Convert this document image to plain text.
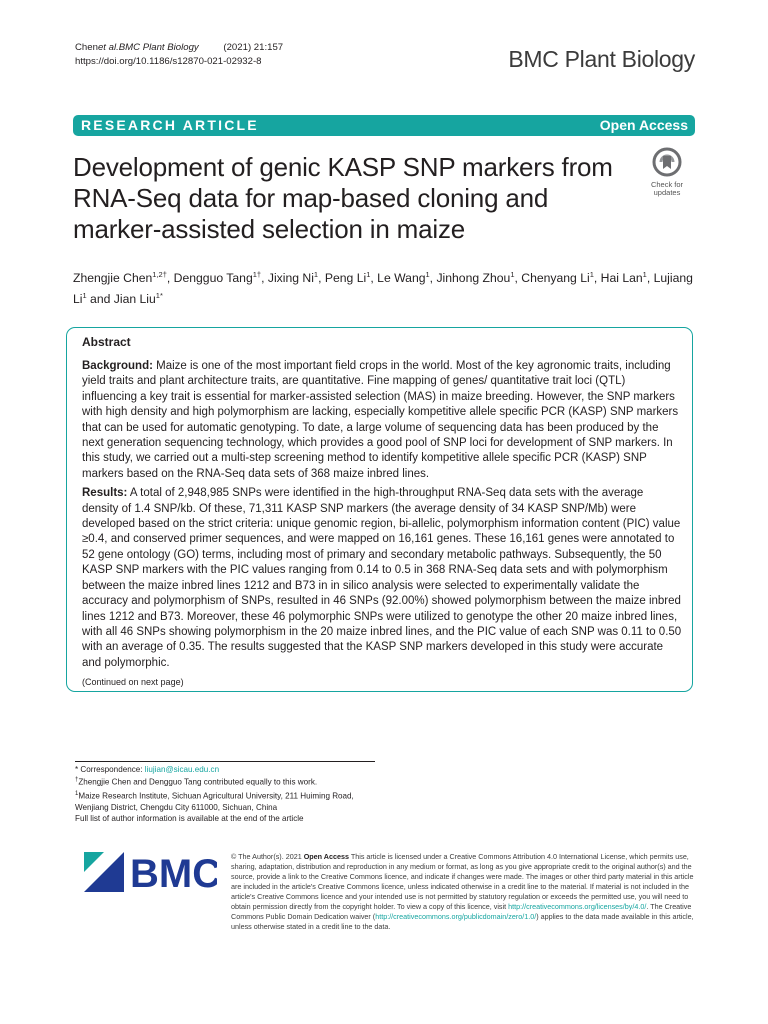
Chenet al.BMC Plant Biology	(2021) 21:157
https://doi.org/10.1186/s12870-021-02932-8	BMC Plant Biology
RESEARCH ARTICLE	Open Access
Development of genic KASP SNP markers from RNA-Seq data for map-based cloning and marker-assisted selection in maize
Check for
updates
Zhengjie Chen$^{1,2\dagger}$, Dengguo Tang$^{1\dagger}$, Jixing Ni$^1$, Peng Li$^1$, Le Wang$^1$, Jinhong Zhou$^1$, Chenyang Li$^1$, Hai Lan$^1$, Lujiang Li$^1$ and Jian Liu$^{1*}$
Abstract

Background: Maize is one of the most important field crops in the world. Most of the key agronomic traits, including yield traits and plant architecture traits, are quantitative. Fine mapping of genes/ quantitative trait loci (QTL) influencing a key trait is essential for marker-assisted selection (MAS) in maize breeding. However, the SNP markers with high density and high polymorphism are lacking, especially kompetitive allele specific PCR (KASP) SNP markers that can be used for automatic genotyping. To date, a large volume of sequencing data has been produced by the next generation sequencing technology, which provides a good pool of SNP loci for development of SNP markers. In this study, we carried out a multi-step screening method to identify kompetitive allele specific PCR (KASP) SNP markers based on the RNA-Seq data sets of 368 maize inbred lines.

Results: A total of 2,948,985 SNPs were identified in the high-throughput RNA-Seq data sets with the average density of 1.4 SNP/kb. Of these, 71,311 KASP SNP markers (the average density of 34 KASP SNP/Mb) were developed based on the strict criteria: unique genomic region, bi-allelic, polymorphism information content (PIC) value ≥0.4, and conserved primer sequences, and were mapped on 16,161 genes. These 16,161 genes were annotated to 52 gene ontology (GO) terms, including most of primary and secondary metabolic pathways. Subsequently, the 50 KASP SNP markers with the PIC values ranging from 0.14 to 0.5 in 368 RNA-Seq data sets and with polymorphism between the maize inbred lines 1212 and B73 in in silico analysis were selected to experimentally validate the accuracy and polymorphism of SNPs, resulted in 46 SNPs (92.00%) showed polymorphism between the maize inbred lines 1212 and B73. Moreover, these 46 polymorphic SNPs were utilized to genotype the other 20 maize inbred lines, with all 46 SNPs showing polymorphism in the 20 maize inbred lines, and the PIC value of each SNP was 0.11 to 0.50 with an average of 0.35. The results suggested that the KASP SNP markers developed in this study were accurate and polymorphic.

(Continued on next page)
* Correspondence: liujian@sicau.edu.cn
†Zhengjie Chen and Dengguo Tang contributed equally to this work.
$^1$Maize Research Institute, Sichuan Agricultural University, 211 Huiming Road,
Wenjiang District, Chengdu City 611000, Sichuan, China
Full list of author information is available at the end of the article
BMC © The Author(s). 2021 Open Access This article is licensed under a Creative Commons Attribution 4.0 International License, which permits use, sharing, adaptation, distribution and reproduction in any medium or format, as long as you give appropriate credit to the original author(s) and the source, provide a link to the Creative Commons licence, and indicate if changes were made. The images or other third party material in this article are included in the article's Creative Commons licence, unless indicated otherwise in a credit line to the material. If material is not included in the article's Creative Commons licence and your intended use is not permitted by statutory regulation or exceeds the permitted use, you will need to obtain permission directly from the copyright holder. To view a copy of this licence, visit http://creativecommons.org/licenses/by/4.0/. The Creative Commons Public Domain Dedication waiver (http://creativecommons.org/publicdomain/zero/1.0/) applies to the data made available in this article, unless otherwise stated in a credit line to the data.
